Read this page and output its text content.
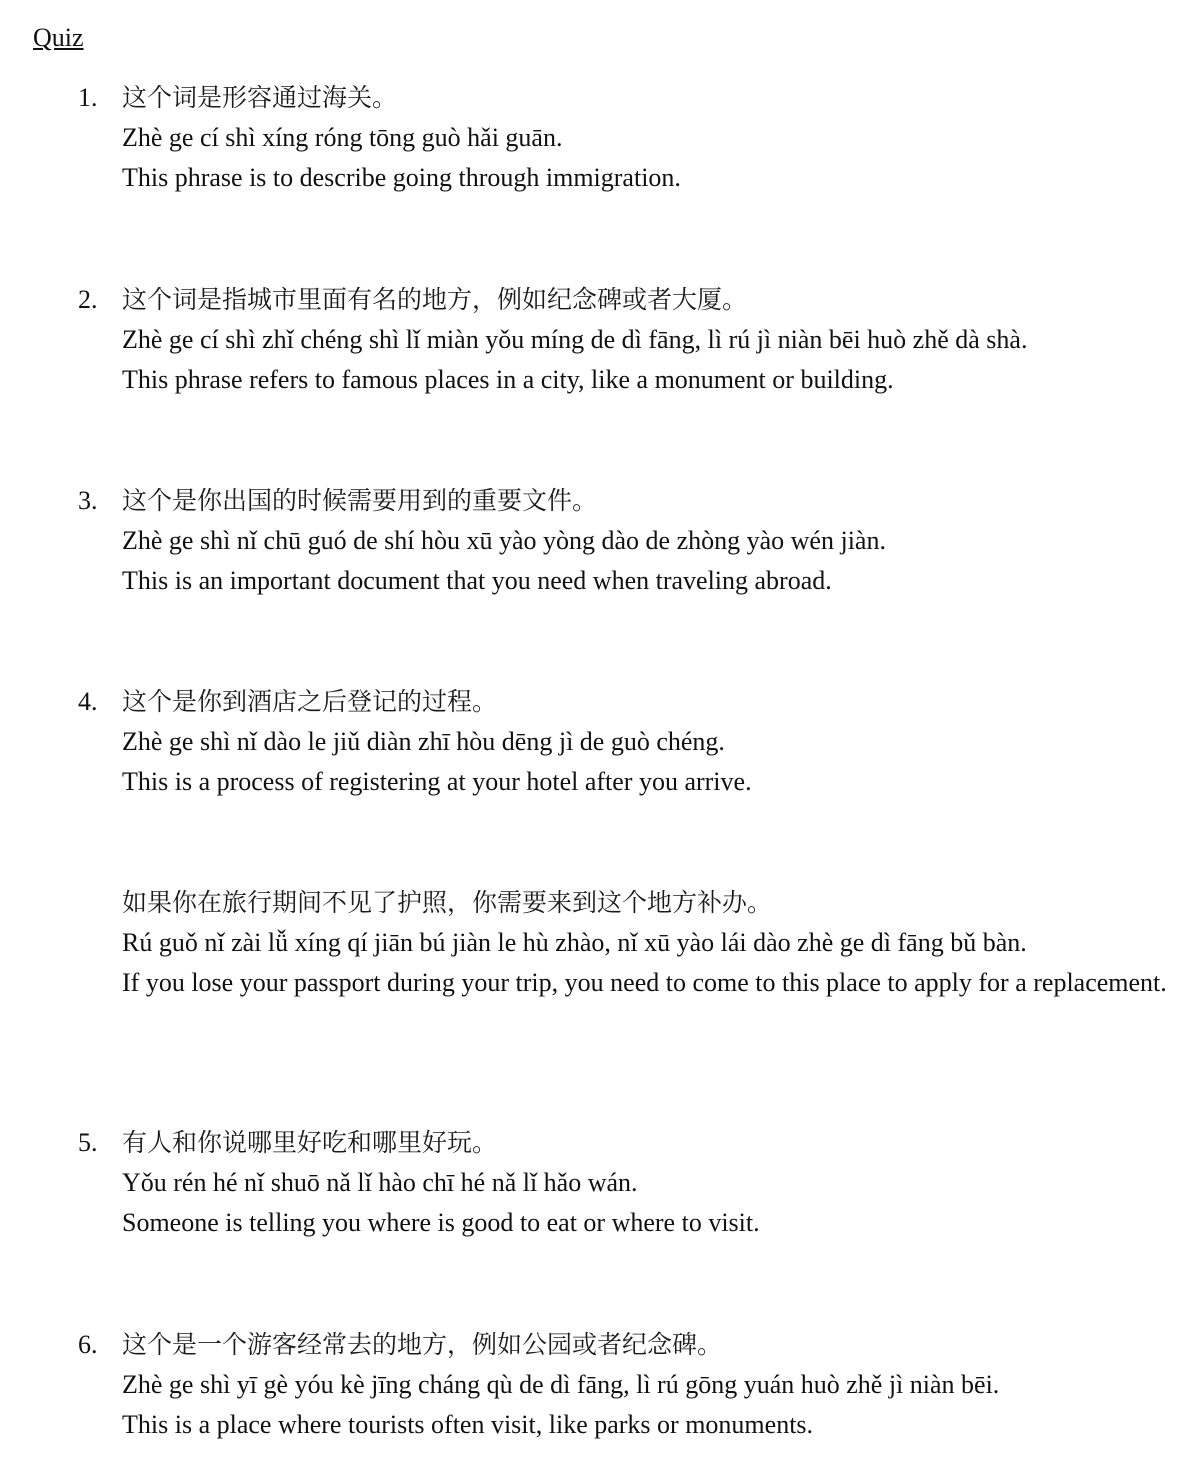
Quiz
1. 这个词是形容通过海关。
Zhè ge cí shì xíng róng tōng guò hǎi guān.
This phrase is to describe going through immigration.
2. 这个词是指城市里面有名的地方，例如纪念碑或者大厦。
Zhè ge cí shì zhǐ chéng shì lǐ miàn yǒu míng de dì fāng, lì rú jì niàn bēi huò zhě dà shà.
This phrase refers to famous places in a city, like a monument or building.
3. 这个是你出国的时候需要用到的重要文件。
Zhè ge shì nǐ chū guó de shí hòu xū yào yòng dào de zhòng yào wén jiàn.
This is an important document that you need when traveling abroad.
4. 这个是你到酒店之后登记的过程。
Zhè ge shì nǐ dào le jiǔ diàn zhī hòu dēng jì de guò chéng.
This is a process of registering at your hotel after you arrive.
如果你在旅行期间不见了护照，你需要来到这个地方补办。
Rú guǒ nǐ zài lǚ xíng qí jiān bú jiàn le hù zhào, nǐ xū yào lái dào zhè ge dì fāng bǔ bàn.
If you lose your passport during your trip, you need to come to this place to apply for a replacement.
5. 有人和你说哪里好吃和哪里好玩。
Yǒu rén hé nǐ shuō nǎ lǐ hào chī hé nǎ lǐ hǎo wán.
Someone is telling you where is good to eat or where to visit.
6. 这个是一个游客经常去的地方，例如公园或者纪念碑。
Zhè ge shì yī gè yóu kè jīng cháng qù de dì fāng, lì rú gōng yuán huò zhě jì niàn bēi.
This is a place where tourists often visit, like parks or monuments.
